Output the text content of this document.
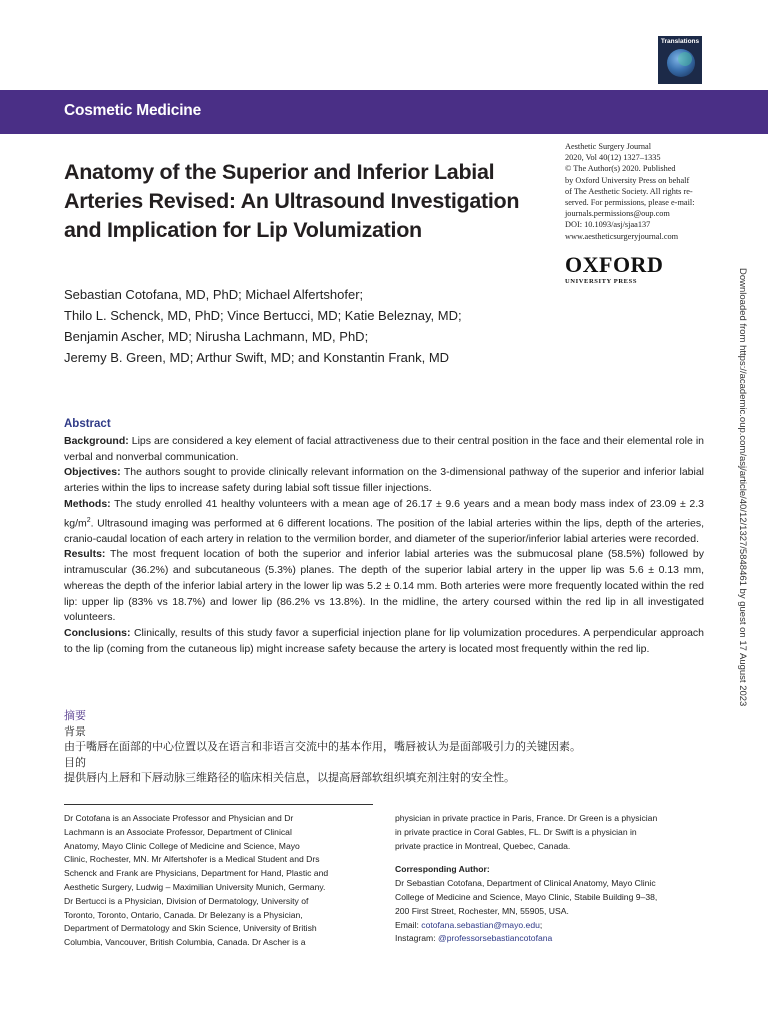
Translations
Cosmetic Medicine
Anatomy of the Superior and Inferior Labial
Arteries Revised: An Ultrasound Investigation
and Implication for Lip Volumization
Aesthetic Surgery Journal
2020, Vol 40(12) 1327–1335
© The Author(s) 2020. Published
by Oxford University Press on behalf
of The Aesthetic Society. All rights re-
served. For permissions, please e-mail:
journals.permissions@oup.com
DOI: 10.1093/asj/sjaa137
www.aestheticsurgeryjournal.com
OXFORD
UNIVERSITY PRESS
Sebastian Cotofana, MD, PhD; Michael Alfertshofer;
Thilo L. Schenck, MD, PhD; Vince Bertucci, MD; Katie Beleznay, MD;
Benjamin Ascher, MD; Nirusha Lachmann, MD, PhD;
Jeremy B. Green, MD; Arthur Swift, MD; and Konstantin Frank, MD	Downloaded from https://academic.oup.com/asj/article/40/12/1327/5848461 by guest on 17 August 2023
Abstract

Background: Lips are considered a key element of facial attractiveness due to their central position in the face and their elemental role in verbal and nonverbal communication.

Objectives: The authors sought to provide clinically relevant information on the 3-dimensional pathway of the superior and inferior labial arteries within the lips to increase safety during labial soft tissue filler injections.

Methods: The study enrolled 41 healthy volunteers with a mean age of 26.17 ± 9.6 years and a mean body mass index of 23.09 ± 2.3 $kg/m^2$. Ultrasound imaging was performed at 6 different locations. The position of the labial arteries within the lips, depth of the arteries, cranio-caudal location of each artery in relation to the vermilion border, and diameter of the superior/inferior labial arteries were recorded.

Results: The most frequent location of both the superior and inferior labial arteries was the submucosal plane (58.5%) followed by intramuscular (36.2%) and subcutaneous (5.3%) planes. The depth of the superior labial artery in the upper lip was 5.6 ± 0.13 mm, whereas the depth of the inferior labial artery in the lower lip was 5.2 ± 0.14 mm. Both arteries were more frequently located within the red lip: upper lip (83% vs 18.7%) and lower lip (86.2% vs 13.8%). In the midline, the artery coursed within the red lip in all investigated volunteers.

Conclusions: Clinically, results of this study favor a superficial injection plane for lip volumization procedures. A perpendicular approach to the lip (coming from the cutaneous lip) might increase safety because the artery is located most frequently within the red lip.

摘要
背景
由于嘴唇在面部的中心位置以及在语言和非语言交流中的基本作用，嘴唇被认为是面部吸引力的关键因素。
目的
提供唇内上唇和下唇动脉三维路径的临床相关信息，以提高唇部软组织填充剂注射的安全性。
Dr Cotofana is an Associate Professor and Physician and Dr
Lachmann is an Associate Professor, Department of Clinical
Anatomy, Mayo Clinic College of Medicine and Science, Mayo
Clinic, Rochester, MN. Mr Alfertshofer is a Medical Student and Drs
Schenck and Frank are Physicians, Department for Hand, Plastic and
Aesthetic Surgery, Ludwig – Maximilian University Munich, Germany.
Dr Bertucci is a Physician, Division of Dermatology, University of
Toronto, Toronto, Ontario, Canada. Dr Belezany is a Physician,
Department of Dermatology and Skin Science, University of British
Columbia, Vancouver, British Columbia, Canada. Dr Ascher is a
physician in private practice in Paris, France. Dr Green is a physician
in private practice in Coral Gables, FL. Dr Swift is a physician in
private practice in Montreal, Quebec, Canada.
Corresponding Author:
Dr Sebastian Cotofana, Department of Clinical Anatomy, Mayo Clinic
College of Medicine and Science, Mayo Clinic, Stabile Building 9–38,
200 First Street, Rochester, MN, 55905, USA.
Email: cotofana.sebastian@mayo.edu;
Instagram: @professorsebastiancotofana
